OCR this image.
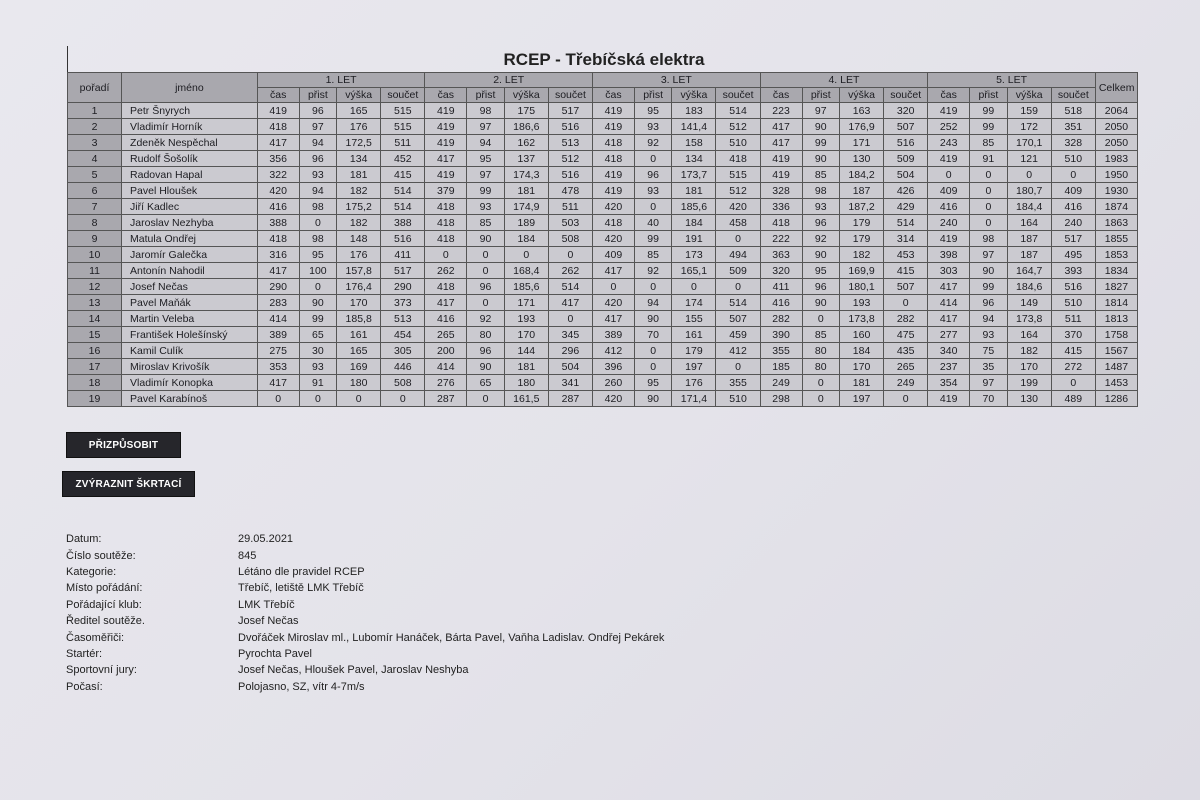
RCEP - Třebíčská elektra
pořadí	jméno	1. LET				2. LET				3. LET				4. LET				5. LET				Celkem
		čas	přist	výška	součet	čas	přist	výška	součet	čas	přist	výška	součet	čas	přist	výška	součet	čas	přist	výška	součet	
1	Petr Šnyrych	419	96	165	515	419	98	175	517	419	95	183	514	223	97	163	320	419	99	159	518	2064
2	Vladimír Horník	418	97	176	515	419	97	186,6	516	419	93	141,4	512	417	90	176,9	507	252	99	172	351	2050
3	Zdeněk Nespěchal	417	94	172,5	511	419	94	162	513	418	92	158	510	417	99	171	516	243	85	170,1	328	2050
4	Rudolf Šošolík	356	96	134	452	417	95	137	512	418	0	134	418	419	90	130	509	419	91	121	510	1983
5	Radovan Hapal	322	93	181	415	419	97	174,3	516	419	96	173,7	515	419	85	184,2	504	0	0	0	0	1950
6	Pavel Hloušek	420	94	182	514	379	99	181	478	419	93	181	512	328	98	187	426	409	0	180,7	409	1930
7	Jiří Kadlec	416	98	175,2	514	418	93	174,9	511	420	0	185,6	420	336	93	187,2	429	416	0	184,4	416	1874
8	Jaroslav Nezhyba	388	0	182	388	418	85	189	503	418	40	184	458	418	96	179	514	240	0	164	240	1863
9	Matula Ondřej	418	98	148	516	418	90	184	508	420	99	191	0	222	92	179	314	419	98	187	517	1855
10	Jaromír Galečka	316	95	176	411	0	0	0	0	409	85	173	494	363	90	182	453	398	97	187	495	1853
11	Antonín Nahodil	417	100	157,8	517	262	0	168,4	262	417	92	165,1	509	320	95	169,9	415	303	90	164,7	393	1834
12	Josef Nečas	290	0	176,4	290	418	96	185,6	514	0	0	0	0	411	96	180,1	507	417	99	184,6	516	1827
13	Pavel Maňák	283	90	170	373	417	0	171	417	420	94	174	514	416	90	193	0	414	96	149	510	1814
14	Martin Veleba	414	99	185,8	513	416	92	193	0	417	90	155	507	282	0	173,8	282	417	94	173,8	511	1813
15	František Holešínský	389	65	161	454	265	80	170	345	389	70	161	459	390	85	160	475	277	93	164	370	1758
16	Kamil Culík	275	30	165	305	200	96	144	296	412	0	179	412	355	80	184	435	340	75	182	415	1567
17	Miroslav Krivošík	353	93	169	446	414	90	181	504	396	0	197	0	185	80	170	265	237	35	170	272	1487
18	Vladimír Konopka	417	91	180	508	276	65	180	341	260	95	176	355	249	0	181	249	354	97	199	0	1453
19	Pavel Karabínoš	0	0	0	0	287	0	161,5	287	420	90	171,4	510	298	0	197	0	419	70	130	489	1286
PŘIZPŮSOBIT
ZVÝRAZNIT ŠKRTACÍ
Datum:	29.05.2021
Číslo soutěže:	845
Kategorie:	Létáno dle pravidel RCEP
Místo pořádání:	Třebíč, letiště LMK Třebíč
Pořádající klub:	LMK Třebíč
Ředitel soutěže.	Josef Nečas
Časoměřiči:	Dvořáček Miroslav ml., Lubomír Hanáček, Bárta Pavel, Vaňha Ladislav. Ondřej Pekárek
Startér:	Pyrochta Pavel
Sportovní jury:	Josef Nečas, Hloušek Pavel, Jaroslav Neshyba
Počasí:	Polojasno, SZ, vítr 4-7m/s
